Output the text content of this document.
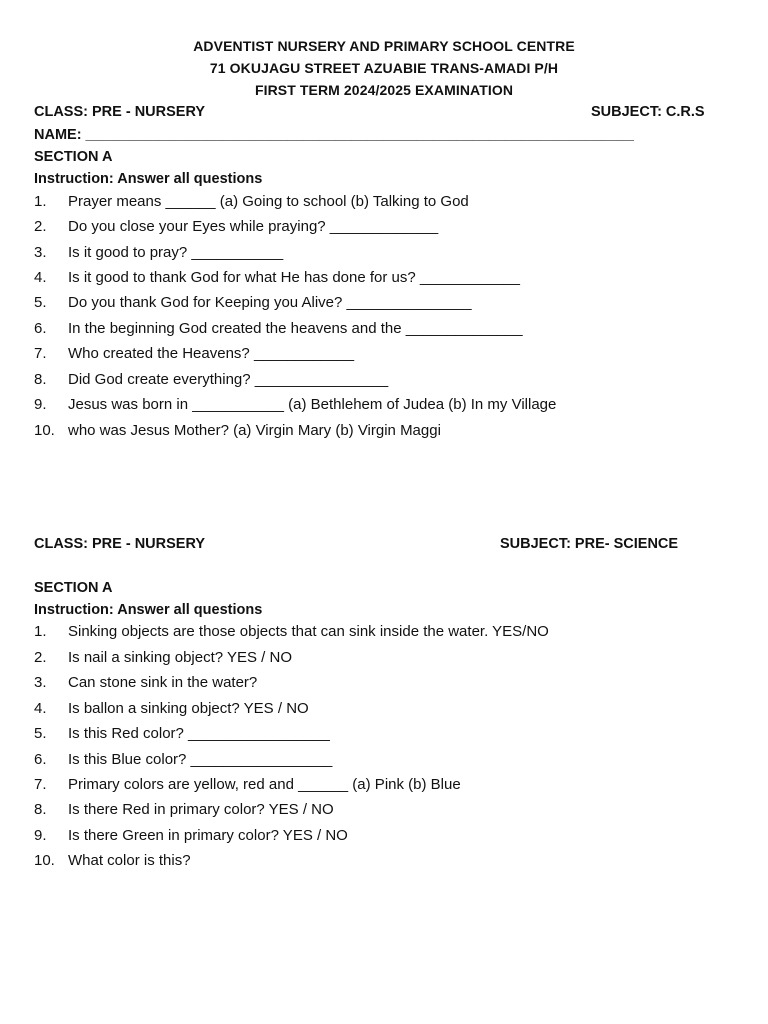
ADVENTIST NURSERY AND PRIMARY SCHOOL CENTRE
71 OKUJAGU STREET AZUABIE TRANS-AMADI P/H
FIRST TERM 2024/2025 EXAMINATION
CLASS: PRE - NURSERY	SUBJECT: C.R.S
NAME: ____________________________________________________________________
SECTION A
Instruction: Answer all questions
1. Prayer means ______ (a) Going to school (b) Talking to God
2. Do you close your Eyes while praying? _____________
3. Is it good to pray? ___________
4. Is it good to thank God for what He has done for us? ____________
5. Do you thank God for Keeping you Alive? _______________
6. In the beginning God created the heavens and the ______________
7. Who created the Heavens? ____________
8. Did God create everything? ________________
9. Jesus was born in ___________ (a) Bethlehem of Judea (b) In my Village
10. who was Jesus Mother? (a) Virgin Mary (b) Virgin Maggi
CLASS: PRE - NURSERY	SUBJECT: PRE- SCIENCE
SECTION A
Instruction: Answer all questions
1. Sinking objects are those objects that can sink inside the water. YES/NO
2. Is nail a sinking object? YES / NO
3. Can stone sink in the water?
4. Is ballon a sinking object? YES / NO
5. Is this Red color? _________________
6. Is this Blue color? _________________
7. Primary colors are yellow, red and ______ (a) Pink (b) Blue
8. Is there Red in primary color? YES / NO
9. Is there Green in primary color? YES / NO
10. What color is this?
